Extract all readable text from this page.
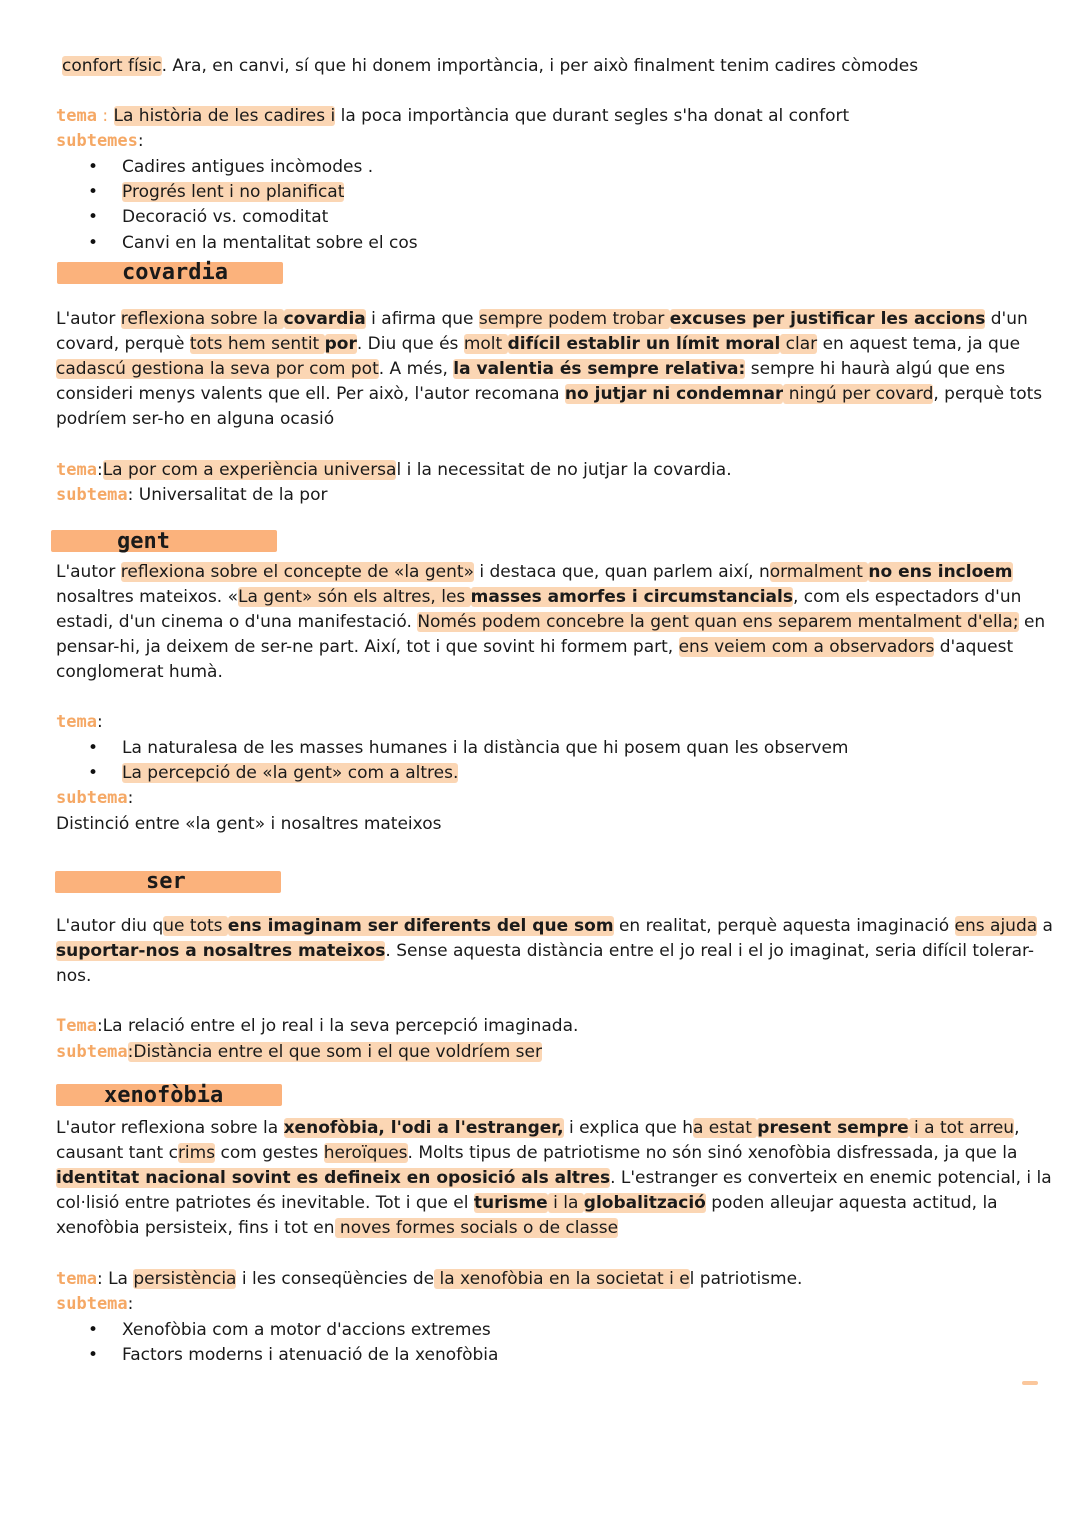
confort físic. Ara, en canvi, sí que hi donem importància, i per això finalment tenim cadires còmodes
tema : La història de les cadires i la poca importància que durant segles s'ha donat al confort
subtemes:
• Cadires antigues incòmodes .
• Progrés lent i no planificat
• Decoració vs. comoditat
• Canvi en la mentalitat sobre el cos
covardia
L'autor reflexiona sobre la covardia i afirma que sempre podem trobar excuses per justificar les accions d'un
covard, perquè tots hem sentit por. Diu que és molt difícil establir un límit moral clar en aquest tema, ja que
cadascú gestiona la seva por com pot. A més, la valentia és sempre relativa: sempre hi haurà algú que ens
consideri menys valents que ell. Per això, l'autor recomana no jutjar ni condemnar ningú per covard, perquè tots
podríem ser-ho en alguna ocasió
tema:La por com a experiència universal i la necessitat de no jutjar la covardia.
subtema: Universalitat de la por
gent
L'autor reflexiona sobre el concepte de «la gent» i destaca que, quan parlem així, normalment no ens incloem
nosaltres mateixos. «La gent» són els altres, les masses amorfes i circumstancials, com els espectadors d'un
estadi, d'un cinema o d'una manifestació. Només podem concebre la gent quan ens separem mentalment d'ella; en
pensar-hi, ja deixem de ser-ne part. Així, tot i que sovint hi formem part, ens veiem com a observadors d'aquest
conglomerat humà.
tema:
• La naturalesa de les masses humanes i la distància que hi posem quan les observem
• La percepció de «la gent» com a altres.
subtema:
Distinció entre «la gent» i nosaltres mateixos
ser
L'autor diu que tots ens imaginam ser diferents del que som en realitat, perquè aquesta imaginació ens ajuda a
suportar-nos a nosaltres mateixos. Sense aquesta distància entre el jo real i el jo imaginat, seria difícil tolerar-
nos.
Tema:La relació entre el jo real i la seva percepció imaginada.
subtema:Distància entre el que som i el que voldríem ser
xenofòbia
L'autor reflexiona sobre la xenofòbia, l'odi a l'estranger, i explica que ha estat present sempre i a tot arreu,
causant tant crims com gestes heroïques. Molts tipus de patriotisme no són sinó xenofòbia disfressada, ja que la
identitat nacional sovint es defineix en oposició als altres. L'estranger es converteix en enemic potencial, i la
col·lisió entre patriotes és inevitable. Tot i que el turisme i la globalització poden alleujar aquesta actitud, la
xenofòbia persisteix, fins i tot en noves formes socials o de classe
tema: La persistència i les conseqüències de la xenofòbia en la societat i el patriotisme.
subtema:
• Xenofòbia com a motor d'accions extremes
• Factors moderns i atenuació de la xenofòbia
